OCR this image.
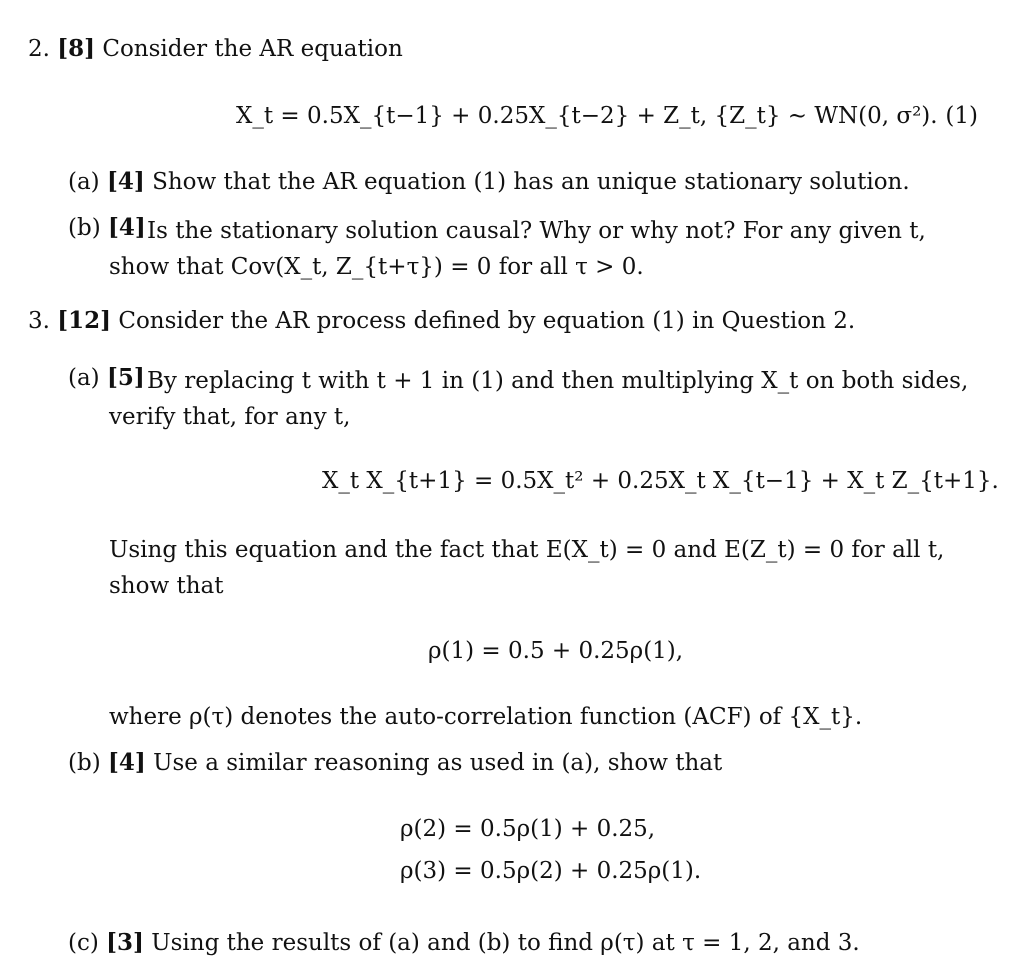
2. [8] Consider the AR equation
X_t = 0.5X_{t−1} + 0.25X_{t−2} + Z_t, {Z_t} ∼ WN(0, σ²). (1)
(a) [4] Show that the AR equation (1) has an unique stationary solution.
(b) [4] Is the stationary solution causal? Why or why not? For any given t, show that Cov(X_t, Z_{t+τ}) = 0 for all τ > 0.
3. [12] Consider the AR process defined by equation (1) in Question 2.
(a) [5] By replacing t with t + 1 in (1) and then multiplying X_t on both sides, verify that, for any t,
X_t X_{t+1} = 0.5X_t² + 0.25X_t X_{t−1} + X_t Z_{t+1}.
Using this equation and the fact that E(X_t) = 0 and E(Z_t) = 0 for all t, show that
ρ(1) = 0.5 + 0.25ρ(1),
where ρ(τ) denotes the auto-correlation function (ACF) of {X_t}.
(b) [4] Use a similar reasoning as used in (a), show that
ρ(2) = 0.5ρ(1) + 0.25,
ρ(3) = 0.5ρ(2) + 0.25ρ(1).
(c) [3] Using the results of (a) and (b) to find ρ(τ) at τ = 1, 2, and 3.
